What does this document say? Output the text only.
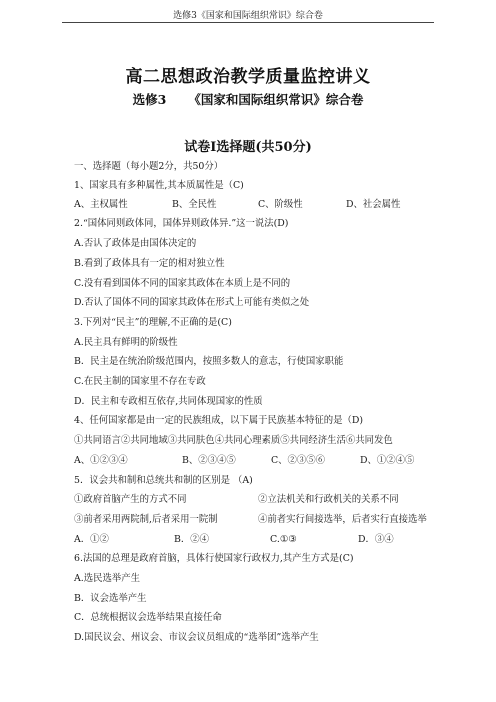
选修3《国家和国际组织常识》综合卷
高二思想政治教学质量监控讲义
选修3 《国家和国际组织常识》综合卷
试卷Ⅰ选择题(共50分)
一、选择题（每小题2分，共50分）
1、国家具有多种属性,其本质属性是（C)
A、主权属性	B、全民性	C、阶级性	D、社会属性
2.“国体同则政体同，国体异则政体异.”这一说法(D)
A.否认了政体是由国体决定的
B.看到了政体具有一定的相对独立性
C.没有看到国体不同的国家其政体在本质上是不同的
D.否认了国体不同的国家其政体在形式上可能有类似之处
3.下列对“民主”的理解,不正确的是(C)
A.民主具有鲜明的阶级性
B．民主是在统治阶级范围内，按照多数人的意志，行使国家职能
C.在民主制的国家里不存在专政
D．民主和专政相互依存,共同体现国家的性质
4、任何国家都是由一定的民族组成，以下属于民族基本特征的是（D)
①共同语言②共同地域③共同肤色④共同心理素质⑤共同经济生活⑥共同发色
A、①②③④	B、②③④⑤	C、②③⑤⑥	D、①②④⑤
5．议会共和制和总统共和制的区别是 （A)
①政府首脑产生的方式不同	②立法机关和行政机关的关系不同
③前者采用两院制,后者采用一院制	④前者实行间接选举，后者实行直接选举
A．①②	B．②④	C.①③	D．③④
6.法国的总理是政府首脑，具体行使国家行政权力,其产生方式是(C)
A.选民选举产生
B．议会选举产生
C．总统根据议会选举结果直接任命
D.国民议会、州议会、市议会议员组成的“选举团”选举产生
